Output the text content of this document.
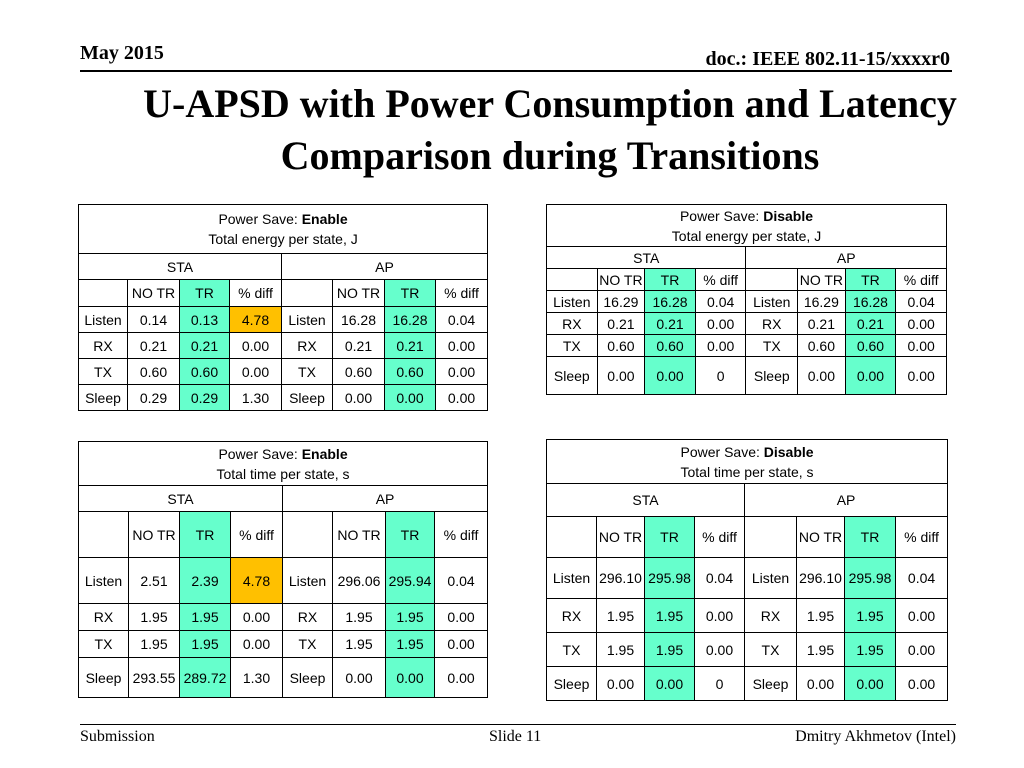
May 2015	doc.: IEEE 802.11-15/xxxxr0
U-APSD with Power Consumption and Latency
Comparison during Transitions
Power Save: Enable
Total energy per state, J							

STA				AP			
	NO TR	TR	% diff		NO TR	TR	% diff
Listen	0.14	0.13	4.78	Listen	16.28	16.28	0.04
RX	0.21	0.21	0.00	RX	0.21	0.21	0.00
TX	0.60	0.60	0.00	TX	0.60	0.60	0.00
Sleep	0.29	0.29	1.30	Sleep	0.00	0.00	0.00
Power Save: Disable
Total energy per state, J							

STA				AP			
	NO TR	TR	% diff		NO TR	TR	% diff
Listen	16.29	16.28	0.04	Listen	16.29	16.28	0.04
RX	0.21	0.21	0.00	RX	0.21	0.21	0.00
TX	0.60	0.60	0.00	TX	0.60	0.60	0.00
Sleep	0.00	0.00	0	Sleep	0.00	0.00	0.00
Power Save: Enable
Total time per state, s							

STA				AP			
	NO TR	TR	% diff		NO TR	TR	% diff
Listen	2.51	2.39	4.78	Listen	296.06	295.94	0.04
RX	1.95	1.95	0.00	RX	1.95	1.95	0.00
TX	1.95	1.95	0.00	TX	1.95	1.95	0.00
Sleep	293.55	289.72	1.30	Sleep	0.00	0.00	0.00
Power Save: Disable
Total time per state, s							

STA				AP			
	NO TR	TR	% diff		NO TR	TR	% diff
Listen	296.10	295.98	0.04	Listen	296.10	295.98	0.04
RX	1.95	1.95	0.00	RX	1.95	1.95	0.00
TX	1.95	1.95	0.00	TX	1.95	1.95	0.00
Sleep	0.00	0.00	0	Sleep	0.00	0.00	0.00
Submission	Slide 11	Dmitry Akhmetov (Intel)
